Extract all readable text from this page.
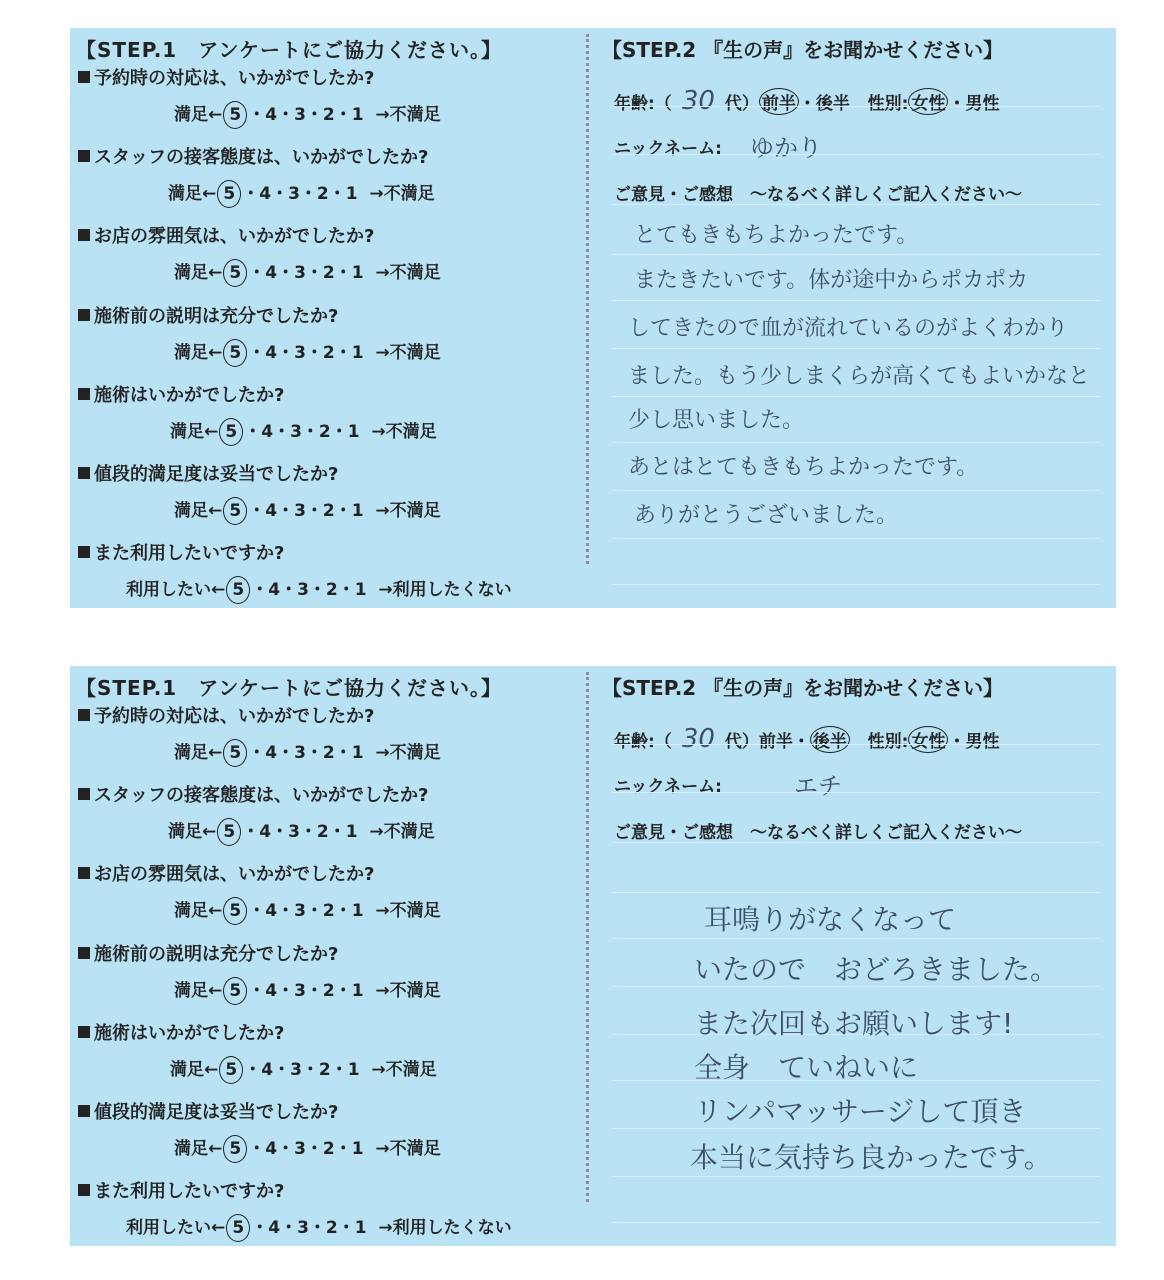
【STEP.1　アンケートにご協力ください。】
予約時の対応は、いかがでしたか?
満足← 5 ・4・3・2・1 →不満足
スタッフの接客態度は、いかがでしたか?
満足← 5 ・4・3・2・1 →不満足
お店の雰囲気は、いかがでしたか?
満足← 5 ・4・3・2・1 →不満足
施術前の説明は充分でしたか?
満足← 5 ・4・3・2・1 →不満足
施術はいかがでしたか?
満足← 5 ・4・3・2・1 →不満足
値段的満足度は妥当でしたか?
満足← 5 ・4・3・2・1 →不満足
また利用したいですか?
利用したい← 5 ・4・3・2・1 →利用したくない
【STEP.2 『生の声』をお聞かせください】
年齢:（ 30 代） 前半 ・後半 性別: 女性 ・男性
ニックネーム: ゆかり
ご意見・ご感想　〜なるべく詳しくご記入ください〜
とてもきもちよかったです。
またきたいです。体が途中からポカポカ
してきたので血が流れているのがよくわかり
ました。もう少しまくらが高くてもよいかなと
少し思いました。
あとはとてもきもちよかったです。
ありがとうございました。
【STEP.1　アンケートにご協力ください。】
予約時の対応は、いかがでしたか?
満足← 5 ・4・3・2・1 →不満足
スタッフの接客態度は、いかがでしたか?
満足← 5 ・4・3・2・1 →不満足
お店の雰囲気は、いかがでしたか?
満足← 5 ・4・3・2・1 →不満足
施術前の説明は充分でしたか?
満足← 5 ・4・3・2・1 →不満足
施術はいかがでしたか?
満足← 5 ・4・3・2・1 →不満足
値段的満足度は妥当でしたか?
満足← 5 ・4・3・2・1 →不満足
また利用したいですか?
利用したい← 5 ・4・3・2・1 →利用したくない
【STEP.2 『生の声』をお聞かせください】
年齢:（ 30 代）前半・ 後半 性別: 女性 ・男性
ニックネーム:	エチ
ご意見・ご感想　〜なるべく詳しくご記入ください〜
耳鳴りがなくなって
いたので　おどろきました。
また次回もお願いします!
全身　ていねいに
リンパマッサージして頂き
本当に気持ち良かったです。
